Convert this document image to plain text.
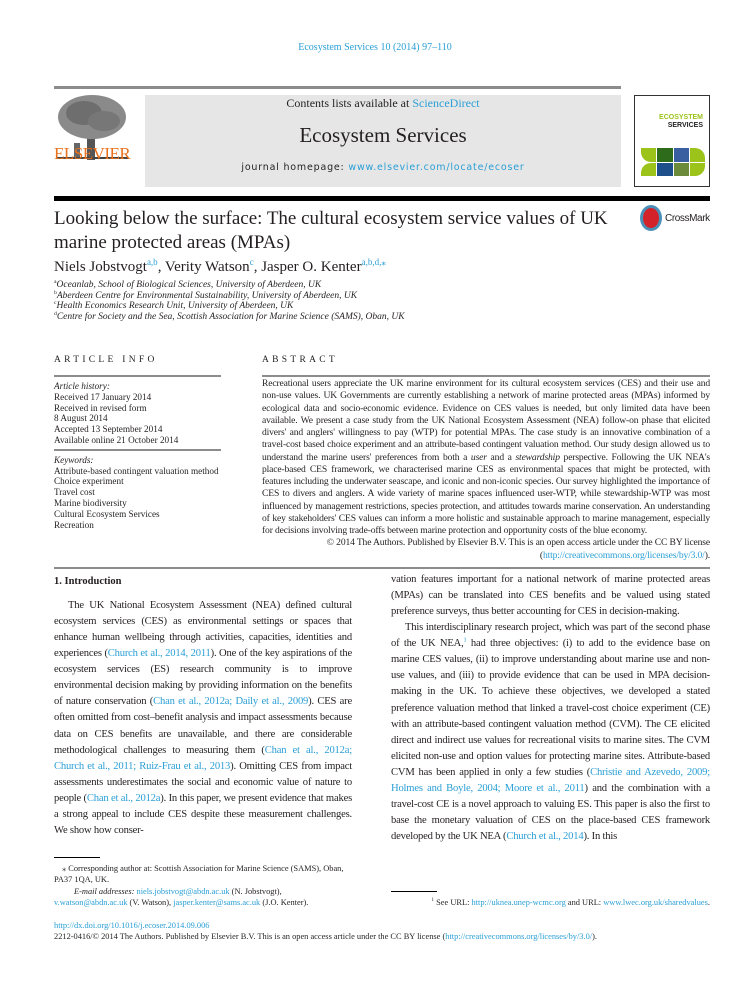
Ecosystem Services 10 (2014) 97–110
ELSEVIER
Contents lists available at ScienceDirect
Ecosystem Services
journal homepage: www.elsevier.com/locate/ecoser
ECOSYSTEM
SERVICES
Looking below the surface: The cultural ecosystem service values of UK marine protected areas (MPAs)
CrossMark
Niels Jobstvogt$^{a,b}$, Verity Watson$^c$, Jasper O. Kenter$^{a,b,d,⁎}$
$^a$Oceanlab, School of Biological Sciences, University of Aberdeen, UK
$^b$Aberdeen Centre for Environmental Sustainability, University of Aberdeen, UK
$^c$Health Economics Research Unit, University of Aberdeen, UK
$^d$Centre for Society and the Sea, Scottish Association for Marine Science (SAMS), Oban, UK
ARTICLE INFO	ABSTRACT
Article history:
Received 17 January 2014
Received in revised form
8 August 2014
Accepted 13 September 2014
Available online 21 October 2014
Keywords:
Attribute-based contingent valuation method
Choice experiment
Travel cost
Marine biodiversity
Cultural Ecosystem Services
Recreation
Recreational users appreciate the UK marine environment for its cultural ecosystem services (CES) and their use and non-use values. UK Governments are currently establishing a network of marine protected areas (MPAs) informed by ecological data and socio-economic evidence. Evidence on CES values is needed, but only limited data have been available. We present a case study from the UK National Ecosystem Assessment (NEA) follow-on phase that elicited divers' and anglers' willingness to pay (WTP) for potential MPAs. The case study is an innovative combination of a travel-cost based choice experiment and an attribute-based contingent valuation method. Our study design allowed us to understand the marine users' preferences from both a user and a stewardship perspective. Following the UK NEA's place-based CES framework, we characterised marine CES as environmental spaces that might be protected, with features including the underwater seascape, and iconic and non-iconic species. Our survey highlighted the importance of CES to divers and anglers. A wide variety of marine spaces influenced user-WTP, while stewardship-WTP was most influenced by management restrictions, species protection, and attitudes towards marine conservation. An understanding of key stakeholders' CES values can inform a more holistic and sustainable approach to marine management, especially for decisions involving trade-offs between marine protection and opportunity costs of the blue economy.
© 2014 The Authors. Published by Elsevier B.V. This is an open access article under the CC BY license (http://creativecommons.org/licenses/by/3.0/).
1. Introduction

The UK National Ecosystem Assessment (NEA) defined cultural ecosystem services (CES) as environmental settings or spaces that enhance human wellbeing through activities, capacities, identities and experiences (Church et al., 2014, 2011). One of the key aspirations of the ecosystem services (ES) research community is to improve environmental decision making by providing information on the benefits of nature conservation (Chan et al., 2012a; Daily et al., 2009). CES are often omitted from cost–benefit analysis and impact assessments because data on CES benefits are unavailable, and there are considerable methodological challenges to measuring them (Chan et al., 2012a; Church et al., 2011; Ruiz-Frau et al., 2013). Omitting CES from impact assessments underestimates the social and economic value of nature to people (Chan et al., 2012a). In this paper, we present evidence that makes a strong appeal to include CES despite these measurement challenges. We show how conser-

⁎ Corresponding author at: Scottish Association for Marine Science (SAMS), Oban, PA37 1QA, UK.
E-mail addresses: niels.jobstvogt@abdn.ac.uk (N. Jobstvogt), v.watson@abdn.ac.uk (V. Watson), jasper.kenter@sams.ac.uk (J.O. Kenter).

vation features important for a national network of marine protected areas (MPAs) can be translated into CES benefits and be valued using stated preference surveys, thus better accounting for CES in decision-making.

This interdisciplinary research project, which was part of the second phase of the UK NEA,$^1$ had three objectives: (i) to add to the evidence base on marine CES values, (ii) to improve understanding about marine use and non-use values, and (iii) to provide evidence that can be used in MPA decision-making in the UK. To achieve these objectives, we developed a stated preference valuation method that linked a travel-cost choice experiment (CE) with an attribute-based contingent valuation method (CVM). The CE elicited direct and indirect use values for recreational visits to marine sites. The CVM elicited non-use and option values for protecting marine sites. Attribute-based CVM has been applied in only a few studies (Christie and Azevedo, 2009; Holmes and Boyle, 2004; Moore et al., 2011) and the combination with a travel-cost CE is a novel approach to valuing ES. This paper is also the first to base the monetary valuation of CES on the place-based CES framework developed by the UK NEA (Church et al., 2014). In this

$^1$ See URL: http://uknea.unep-wcmc.org and URL: www.lwec.org.uk/sharedvalues.
http://dx.doi.org/10.1016/j.ecoser.2014.09.006
2212-0416/© 2014 The Authors. Published by Elsevier B.V. This is an open access article under the CC BY license (http://creativecommons.org/licenses/by/3.0/).
